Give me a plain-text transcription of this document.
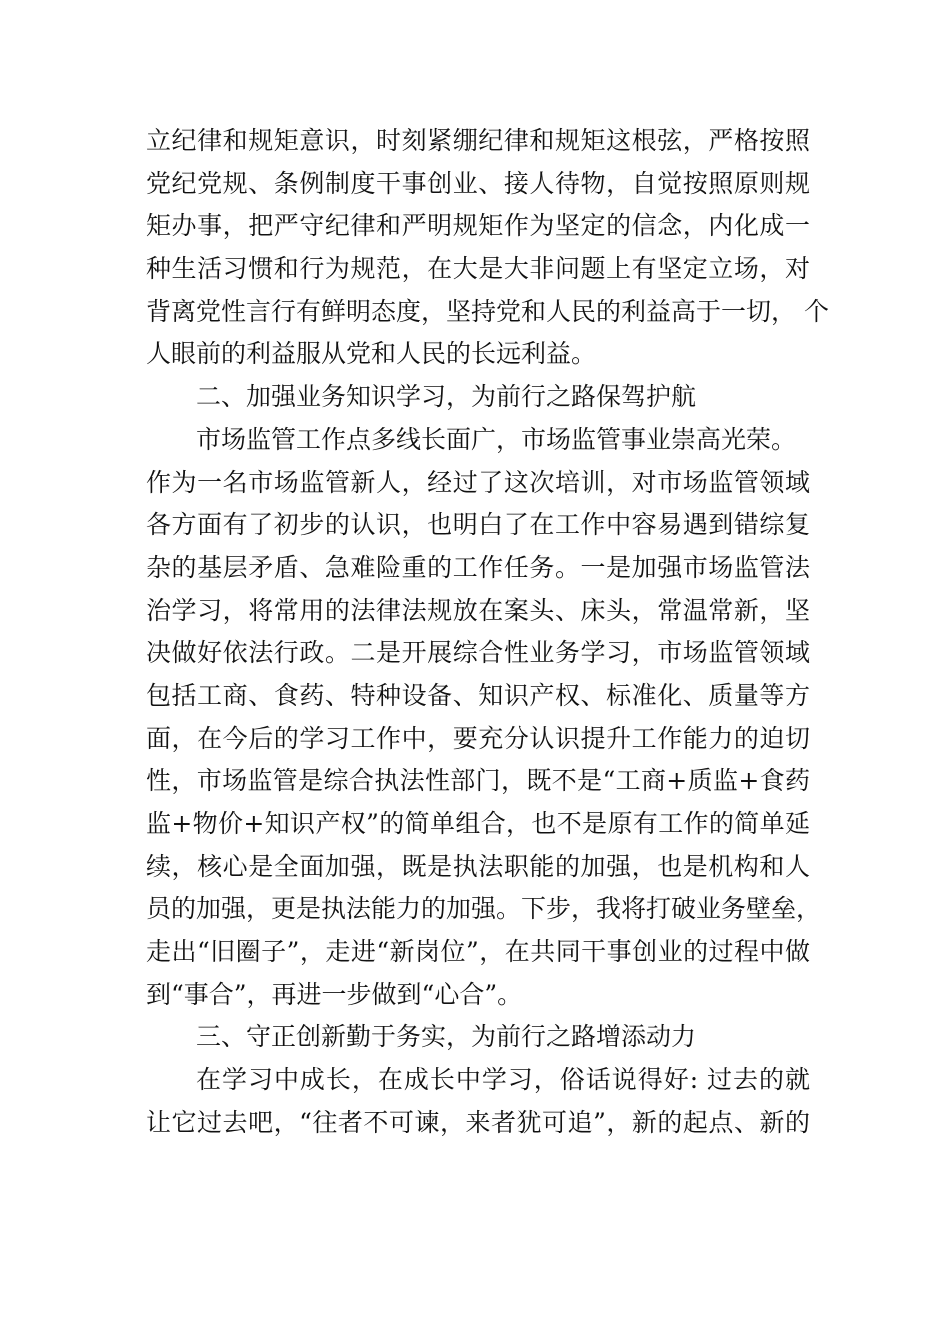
立纪律和规矩意识，时刻紧绷纪律和规矩这根弦，严格按照
党纪党规、条例制度干事创业、接人待物，自觉按照原则规
矩办事，把严守纪律和严明规矩作为坚定的信念，内化成一
种生活习惯和行为规范，在大是大非问题上有坚定立场，对
背离党性言行有鲜明态度，坚持党和人民的利益高于一切， 个
人眼前的利益服从党和人民的长远利益。
二、加强业务知识学习，为前行之路保驾护航
市场监管工作点多线长面广，市场监管事业崇高光荣。
作为一名市场监管新人，经过了这次培训，对市场监管领域
各方面有了初步的认识，也明白了在工作中容易遇到错综复
杂的基层矛盾、急难险重的工作任务。一是加强市场监管法
治学习，将常用的法律法规放在案头、床头，常温常新，坚
决做好依法行政。二是开展综合性业务学习，市场监管领域
包括工商、食药、特种设备、知识产权、标准化、质量等方
面，在今后的学习工作中，要充分认识提升工作能力的迫切
性，市场监管是综合执法性部门，既不是“工商+质监+食药
监+物价+知识产权”的简单组合，也不是原有工作的简单延
续，核心是全面加强，既是执法职能的加强，也是机构和人
员的加强，更是执法能力的加强。下步，我将打破业务壁垒，
走出“旧圈子”，走进“新岗位”，在共同干事创业的过程中做
到“事合”，再进一步做到“心合”。
三、守正创新勤于务实，为前行之路增添动力
在学习中成长，在成长中学习，俗话说得好: 过去的就
让它过去吧，“往者不可谏，来者犹可追”，新的起点、新的
